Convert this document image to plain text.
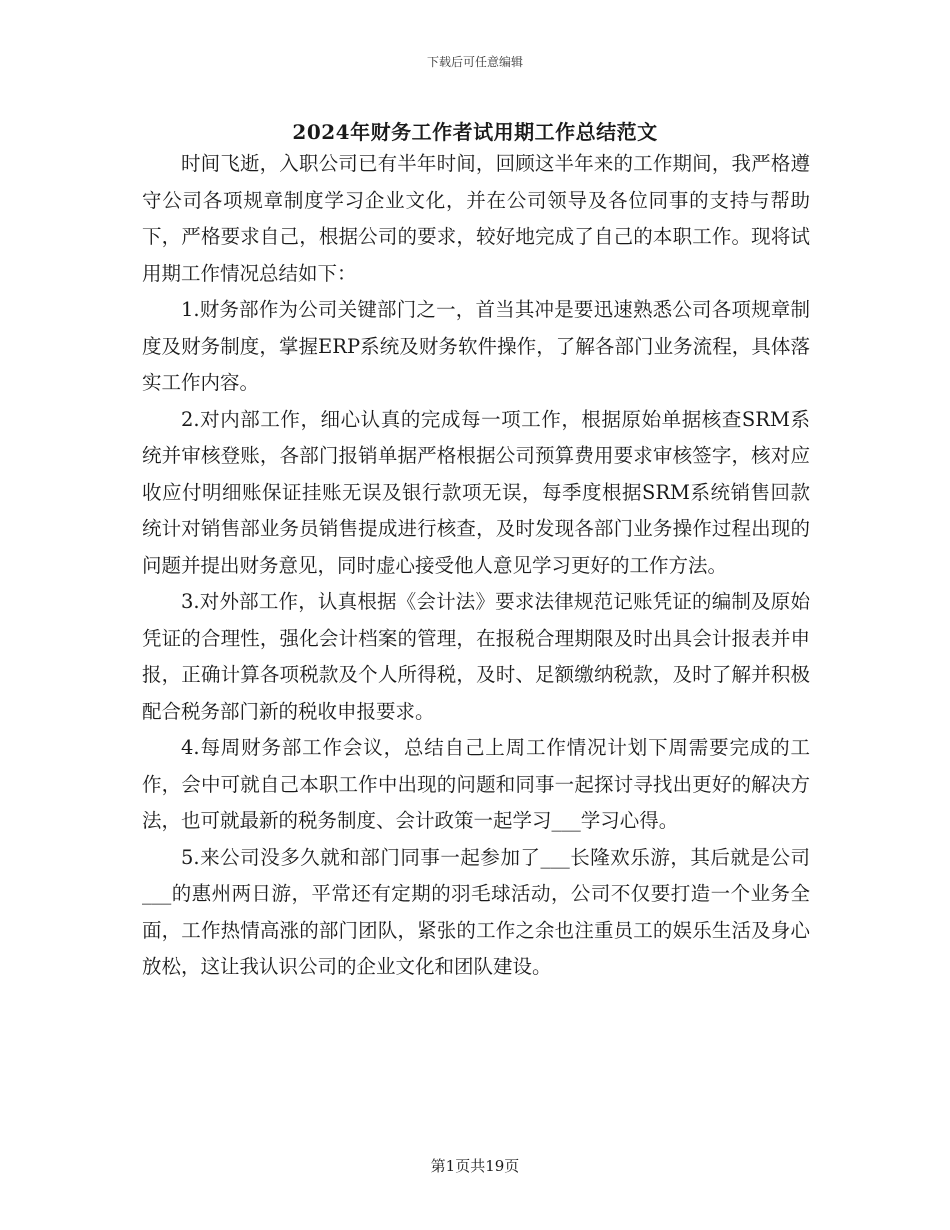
下载后可任意编辑
2024年财务工作者试用期工作总结范文

时间飞逝，入职公司已有半年时间，回顾这半年来的工作期间，我严格遵守公司各项规章制度学习企业文化，并在公司领导及各位同事的支持与帮助下，严格要求自己，根据公司的要求，较好地完成了自己的本职工作。现将试用期工作情况总结如下：

1.财务部作为公司关键部门之一，首当其冲是要迅速熟悉公司各项规章制度及财务制度，掌握ERP系统及财务软件操作，了解各部门业务流程，具体落实工作内容。

2.对内部工作，细心认真的完成每一项工作，根据原始单据核查SRM系统并审核登账，各部门报销单据严格根据公司预算费用要求审核签字，核对应收应付明细账保证挂账无误及银行款项无误，每季度根据SRM系统销售回款统计对销售部业务员销售提成进行核查，及时发现各部门业务操作过程出现的问题并提出财务意见，同时虚心接受他人意见学习更好的工作方法。

3.对外部工作，认真根据《会计法》要求法律规范记账凭证的编制及原始凭证的合理性，强化会计档案的管理，在报税合理期限及时出具会计报表并申报，正确计算各项税款及个人所得税，及时、足额缴纳税款，及时了解并积极配合税务部门新的税收申报要求。

4.每周财务部工作会议，总结自己上周工作情况计划下周需要完成的工作，会中可就自己本职工作中出现的问题和同事一起探讨寻找出更好的解决方法，也可就最新的税务制度、会计政策一起学习___学习心得。

5.来公司没多久就和部门同事一起参加了___长隆欢乐游，其后就是公司___的惠州两日游，平常还有定期的羽毛球活动，公司不仅要打造一个业务全面，工作热情高涨的部门团队，紧张的工作之余也注重员工的娱乐生活及身心放松，这让我认识公司的企业文化和团队建设。

第1页共19页
